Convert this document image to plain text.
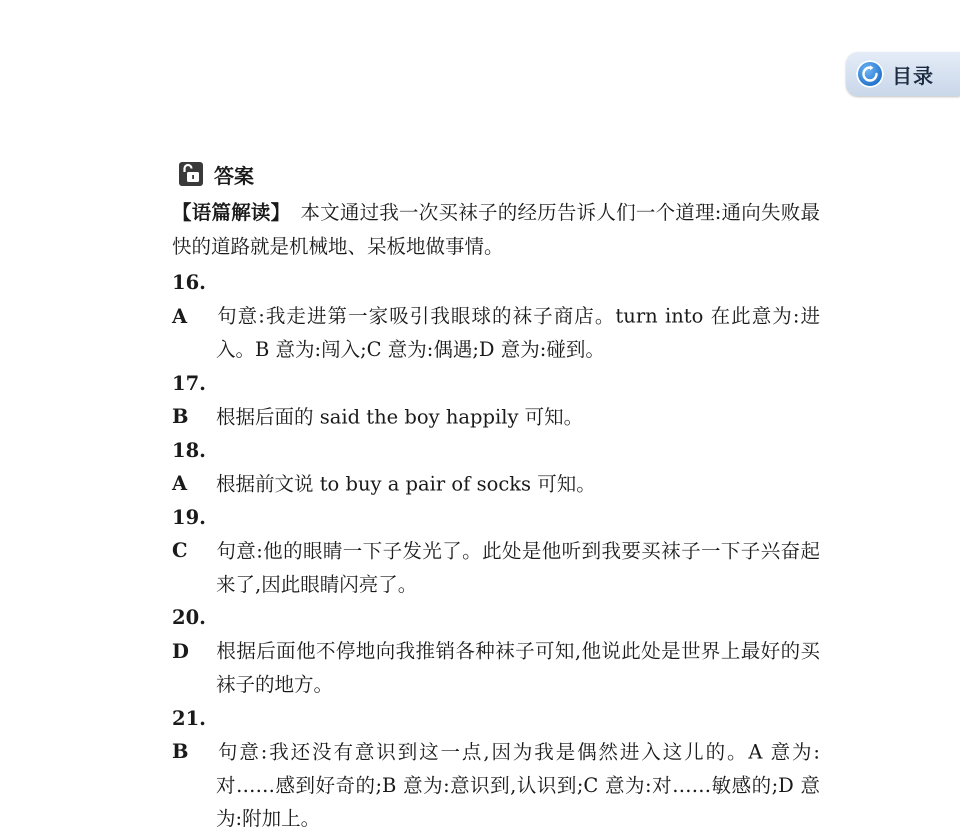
目录
答案

【语篇解读】　本文通过我一次买袜子的经历告诉人们一个道理:通向失败最快的道路就是机械地、呆板地做事情。

16. A 句意:我走进第一家吸引我眼球的袜子商店。turn into 在此意为:进入。B 意为:闯入;C 意为:偶遇;D 意为:碰到。

17. B 根据后面的 said the boy happily 可知。

18. A 根据前文说 to buy a pair of socks 可知。

19. C 句意:他的眼睛一下子发光了。此处是他听到我要买袜子一下子兴奋起来了,因此眼睛闪亮了。

20. D 根据后面他不停地向我推销各种袜子可知,他说此处是世界上最好的买袜子的地方。

21. B 句意:我还没有意识到这一点,因为我是偶然进入这儿的。A 意为:对……感到好奇的;B 意为:意识到,认识到;C 意为:对……敏感的;D 意为:附加上。
